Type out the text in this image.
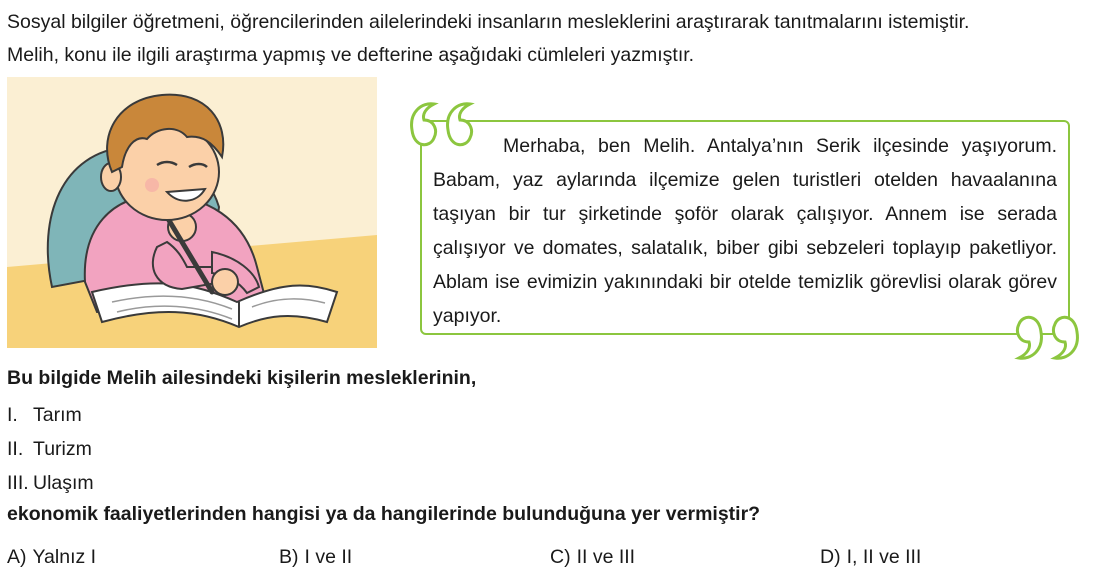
Sosyal bilgiler öğretmeni, öğrencilerinden ailelerindeki insanların mesleklerini araştırarak tanıtmalarını istemiştir.

Melih, konu ile ilgili araştırma yapmış ve defterine aşağıdaki cümleleri yazmıştır.

Merhaba, ben Melih. Antalya’nın Serik ilçesinde yaşıyorum. Babam, yaz aylarında ilçemize gelen turistleri otelden havaalanına taşıyan bir tur şirketinde şoför olarak çalışıyor. Annem ise serada çalışıyor ve domates, salatalık, biber gibi sebzeleri toplayıp paketliyor. Ablam ise evimizin yakınındaki bir otelde temizlik görevlisi olarak görev yapıyor.

Bu bilgide Melih ailesindeki kişilerin mesleklerinin,

I. Tarım
II. Turizm
III. Ulaşım

ekonomik faaliyetlerinden hangisi ya da hangilerinde bulunduğuna yer vermiştir?

A) Yalnız I	B) I ve II	C) II ve III	D) I, II ve III
